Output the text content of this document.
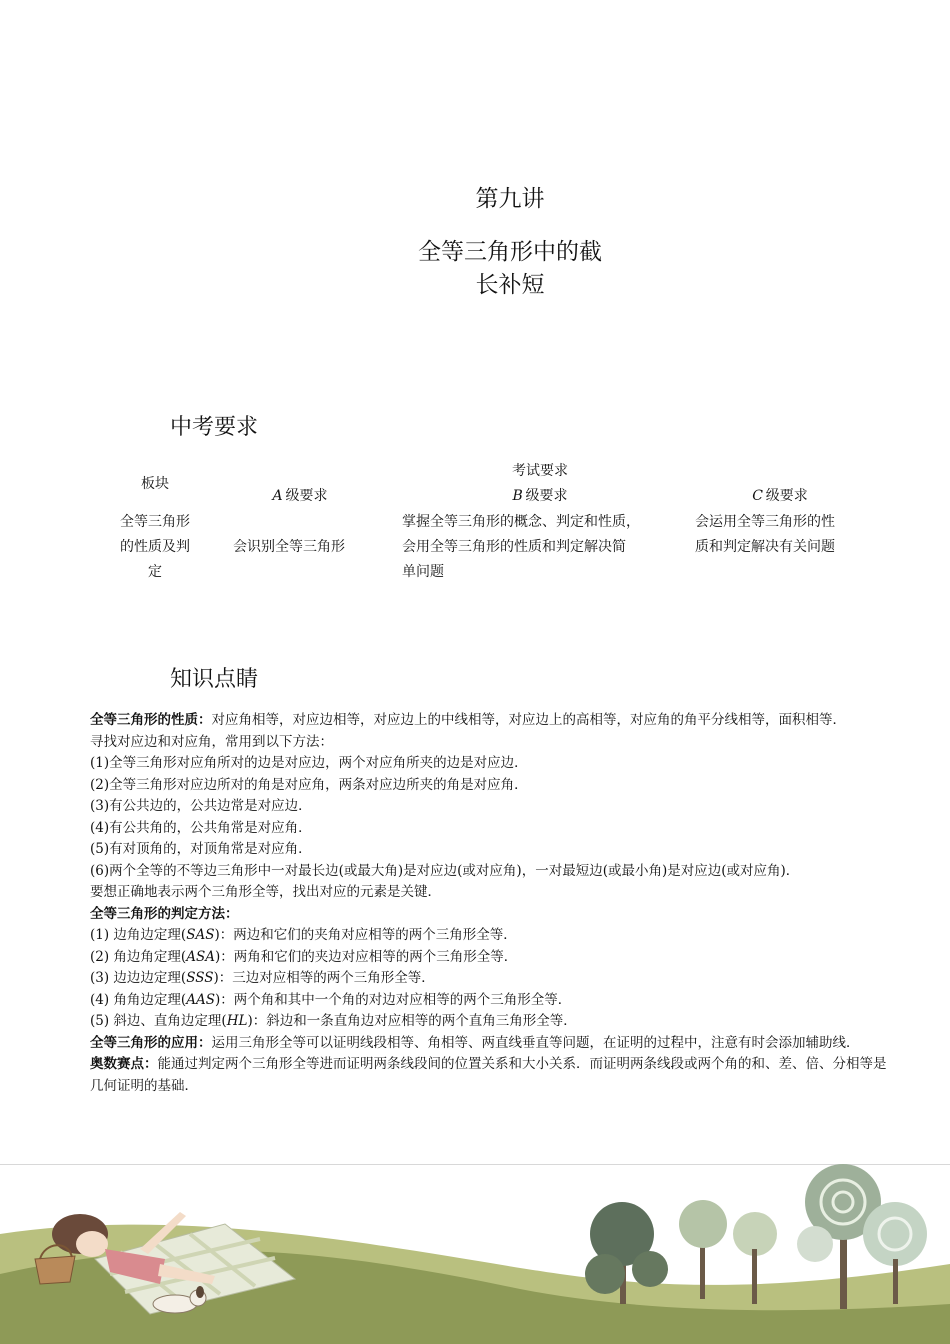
第九讲
全等三角形中的截
长补短
中考要求
板块
考试要求
A  级要求	B  级要求	C  级要求
全等三角形
的性质及判
定
会识别全等三角形
掌握全等三角形的概念、判定和性质，
会用全等三角形的性质和判定解决简
单问题
会运用全等三角形的性
质和判定解决有关问题
知识点睛

全等三角形的性质：对应角相等，对应边相等，对应边上的中线相等，对应边上的高相等，对应角的角平分线相等，面积相等．

寻找对应边和对应角，常用到以下方法：

(1)全等三角形对应角所对的边是对应边，两个对应角所夹的边是对应边．

(2)全等三角形对应边所对的角是对应角，两条对应边所夹的角是对应角．

(3)有公共边的，公共边常是对应边．

(4)有公共角的，公共角常是对应角．

(5)有对顶角的，对顶角常是对应角．

(6)两个全等的不等边三角形中一对最长边(或最大角)是对应边(或对应角)，一对最短边(或最小角)是对应边(或对应角)．

要想正确地表示两个三角形全等，找出对应的元素是关键．

全等三角形的判定方法：

(1) 边角边定理(SAS)：两边和它们的夹角对应相等的两个三角形全等．

(2) 角边角定理(ASA)：两角和它们的夹边对应相等的两个三角形全等．

(3) 边边边定理(SSS)：三边对应相等的两个三角形全等．

(4) 角角边定理(AAS)：两个角和其中一个角的对边对应相等的两个三角形全等．

(5) 斜边、直角边定理(HL)：斜边和一条直角边对应相等的两个直角三角形全等．

全等三角形的应用：运用三角形全等可以证明线段相等、角相等、两直线垂直等问题，在证明的过程中，注意有时会添加辅助线．

奥数赛点：能通过判定两个三角形全等进而证明两条线段间的位置关系和大小关系．而证明两条线段或两个角的和、差、倍、分相等是几何证明的基础．
